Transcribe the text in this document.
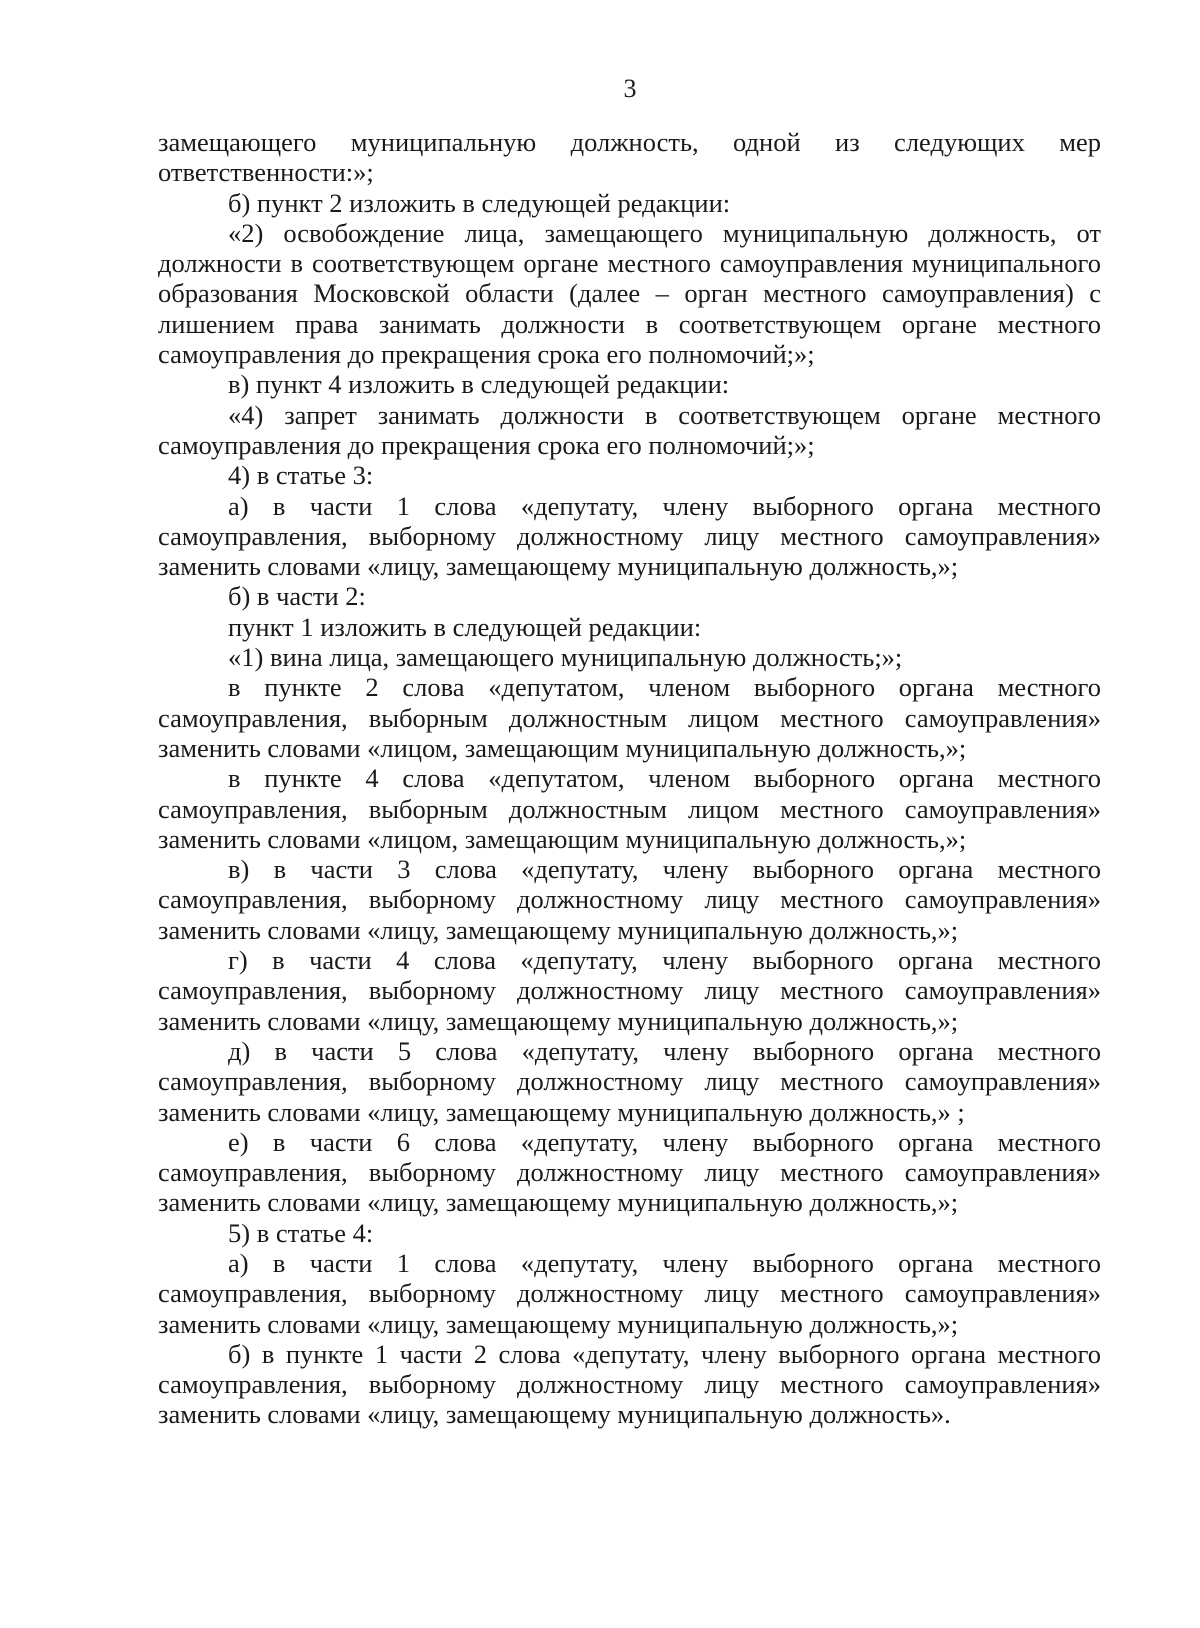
3

замещающего муниципальную должность, одной из следующих мер ответственности:»;

б) пункт 2 изложить в следующей редакции:

«2) освобождение лица, замещающего муниципальную должность, от должности в соответствующем органе местного самоуправления муниципального образования Московской области (далее – орган местного самоуправления) с лишением права занимать должности в соответствующем органе местного самоуправления до прекращения срока его полномочий;»;

в) пункт 4 изложить в следующей редакции:

«4) запрет занимать должности в соответствующем органе местного самоуправления до прекращения срока его полномочий;»;

4) в статье 3:

а) в части 1 слова «депутату, члену выборного органа местного самоуправления, выборному должностному лицу местного самоуправления» заменить словами «лицу, замещающему муниципальную должность,»;

б) в части 2:

пункт 1 изложить в следующей редакции:

«1) вина лица, замещающего муниципальную должность;»;

в пункте 2 слова «депутатом, членом выборного органа местного самоуправления, выборным должностным лицом местного самоуправления» заменить словами «лицом, замещающим муниципальную должность,»;

в пункте 4 слова «депутатом, членом выборного органа местного самоуправления, выборным должностным лицом местного самоуправления» заменить словами «лицом, замещающим муниципальную должность,»;

в) в части 3 слова «депутату, члену выборного органа местного самоуправления, выборному должностному лицу местного самоуправления» заменить словами «лицу, замещающему муниципальную должность,»;

г) в части 4 слова «депутату, члену выборного органа местного самоуправления, выборному должностному лицу местного самоуправления» заменить словами «лицу, замещающему муниципальную должность,»;

д) в части 5 слова «депутату, члену выборного органа местного самоуправления, выборному должностному лицу местного самоуправления» заменить словами «лицу, замещающему муниципальную должность,» ;

е) в части 6 слова «депутату, члену выборного органа местного самоуправления, выборному должностному лицу местного самоуправления» заменить словами «лицу, замещающему муниципальную должность,»;

5) в статье 4:

а) в части 1 слова «депутату, члену выборного органа местного самоуправления, выборному должностному лицу местного самоуправления» заменить словами «лицу, замещающему муниципальную должность,»;

б) в пункте 1 части 2 слова «депутату, члену выборного органа местного самоуправления, выборному должностному лицу местного самоуправления» заменить словами «лицу, замещающему муниципальную должность».
